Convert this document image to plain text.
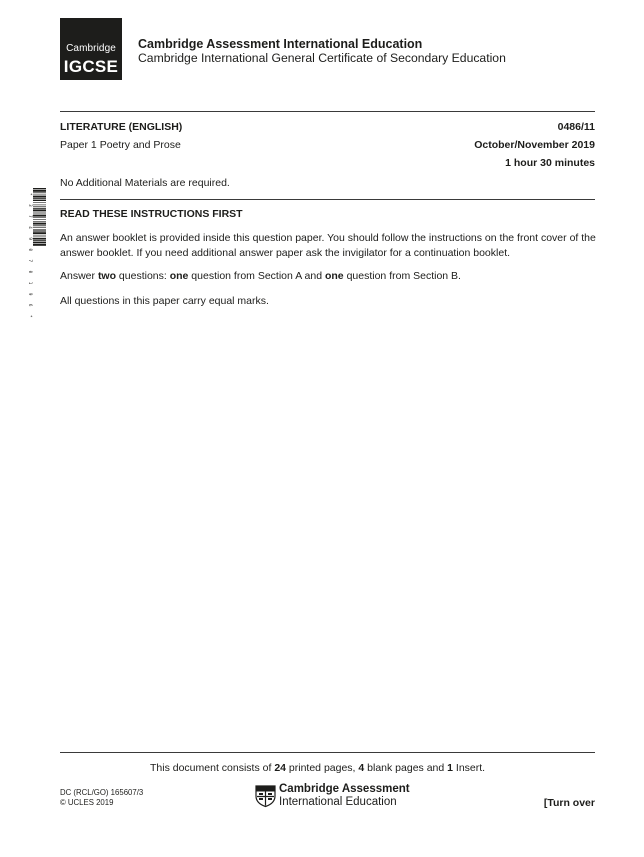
Cambridge
IGCSE
Cambridge Assessment International Education
Cambridge International General Certificate of Secondary Education
LITERATURE (ENGLISH)	0486/11
Paper 1 Poetry and Prose	October/November 2019
1 hour 30 minutes
No Additional Materials are required.
*
3
7
4
9
0
7
0
1
9
6
*
READ THESE INSTRUCTIONS FIRST
An answer booklet is provided inside this question paper. You should follow the instructions on the front cover of the answer booklet. If you need additional answer paper ask the invigilator for a continuation booklet.
Answer two questions: one question from Section A and one question from Section B.
All questions in this paper carry equal marks.
This document consists of 24 printed pages, 4 blank pages and 1 Insert.
DC (RCL/GO) 165607/3
© UCLES 2019
Cambridge Assessment
International Education	[Turn over
